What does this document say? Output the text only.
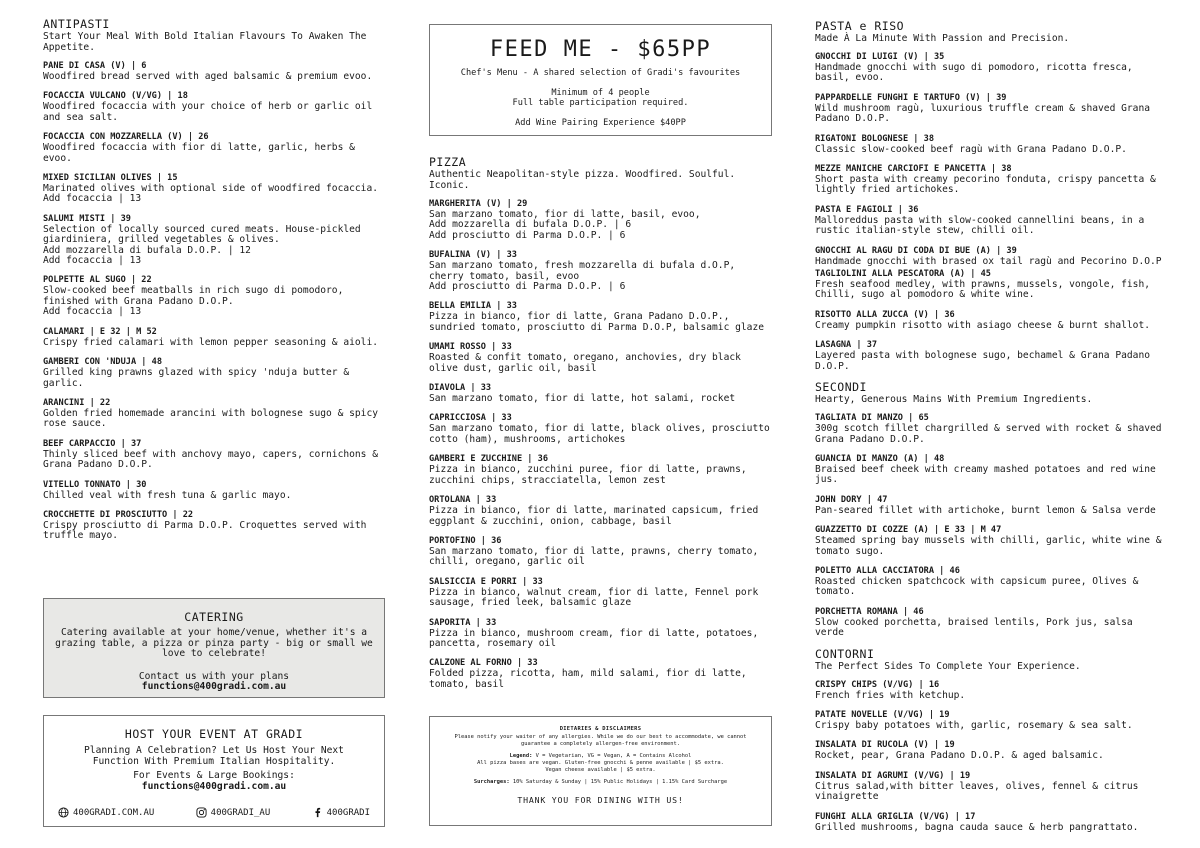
ANTIPASTI
Start Your Meal With Bold Italian Flavours To Awaken The Appetite.
PANE DI CASA (V) | 6
Woodfired bread served with aged balsamic & premium evoo.
FOCACCIA VULCANO (V/VG) | 18
Woodfired focaccia with your choice of herb or garlic oil and sea salt.
FOCACCIA CON MOZZARELLA (V) | 26
Woodfired focaccia with fior di latte, garlic, herbs & evoo.
MIXED SICILIAN OLIVES | 15
Marinated olives with optional side of woodfired focaccia.
Add focaccia | 13
SALUMI MISTI | 39
Selection of locally sourced cured meats. House-pickled giardiniera, grilled vegetables & olives.
Add mozzarella di bufala D.O.P. | 12
Add focaccia | 13
POLPETTE AL SUGO | 22
Slow-cooked beef meatballs in rich sugo di pomodoro, finished with Grana Padano D.O.P.
Add focaccia | 13
CALAMARI | E 32 | M 52
Crispy fried calamari with lemon pepper seasoning & aioli.
GAMBERI CON 'NDUJA | 48
Grilled king prawns glazed with spicy 'nduja butter & garlic.
ARANCINI | 22
Golden fried homemade arancini with bolognese sugo & spicy rose sauce.
BEEF CARPACCIO | 37
Thinly sliced beef with anchovy mayo, capers, cornichons & Grana Padano D.O.P.
VITELLO TONNATO | 30
Chilled veal with fresh tuna & garlic mayo.
CROCCHETTE DI PROSCIUTTO | 22
Crispy prosciutto di Parma D.O.P. Croquettes served with truffle mayo.
CATERING
Catering available at your home/venue, whether it's a grazing table, a pizza or pinza party - big or small we love to celebrate!
Contact us with your plans
functions@400gradi.com.au
HOST YOUR EVENT AT GRADI
Planning A Celebration? Let Us Host Your Next Function With Premium Italian Hospitality.
For Events & Large Bookings:
functions@400gradi.com.au
400GRADI.COM.AU	400GRADI_AU	400GRADI
FEED ME - $65PP
Chef's Menu - A shared selection of Gradi's favourites
Minimum of 4 people
Full table participation required.
Add Wine Pairing Experience $40PP
PIZZA
Authentic Neapolitan-style pizza. Woodfired. Soulful. Iconic.
MARGHERITA (V) | 29
San marzano tomato, fior di latte, basil, evoo,
Add mozzarella di bufala D.O.P. | 6
Add prosciutto di Parma D.O.P. | 6
BUFALINA (V) | 33
San marzano tomato, fresh mozzarella di bufala d.O.P, cherry tomato, basil, evoo
Add prosciutto di Parma D.O.P. | 6
BELLA EMILIA | 33
Pizza in bianco, fior di latte, Grana Padano D.O.P., sundried tomato, prosciutto di Parma D.O.P, balsamic glaze
UMAMI ROSSO | 33
Roasted & confit tomato, oregano, anchovies, dry black olive dust, garlic oil, basil
DIAVOLA | 33
San marzano tomato, fior di latte, hot salami, rocket
CAPRICCIOSA | 33
San marzano tomato, fior di latte, black olives, prosciutto cotto (ham), mushrooms, artichokes
GAMBERI E ZUCCHINE | 36
Pizza in bianco, zucchini puree, fior di latte, prawns, zucchini chips, stracciatella, lemon zest
ORTOLANA | 33
Pizza in bianco, fior di latte, marinated capsicum, fried eggplant & zucchini, onion, cabbage, basil
PORTOFINO | 36
San marzano tomato, fior di latte, prawns, cherry tomato, chilli, oregano, garlic oil
SALSICCIA E PORRI | 33
Pizza in bianco, walnut cream, fior di latte, Fennel pork sausage, fried leek, balsamic glaze
SAPORITA | 33
Pizza in bianco, mushroom cream, fior di latte, potatoes, pancetta, rosemary oil
CALZONE AL FORNO | 33
Folded pizza, ricotta, ham, mild salami, fior di latte, tomato, basil
DIETARIES & DISCLAIMERS
Please notify your waiter of any allergies. While we do our best to accommodate, we cannot guarantee a completely allergen-free environment.
Legend: V = Vegetarian, VG = Vegan, A = Contains Alcohol
All pizza bases are vegan. Gluten-free gnocchi & penne available | $5 extra.
Vegan cheese available | $5 extra.
Surcharges: 10% Saturday & Sunday | 15% Public Holidays | 1.15% Card Surcharge
THANK YOU FOR DINING WITH US!
PASTA e RISO
Made À La Minute With Passion and Precision.
GNOCCHI DI LUIGI (V) | 35
Handmade gnocchi with sugo di pomodoro, ricotta fresca, basil, evoo.
PAPPARDELLE FUNGHI E TARTUFO (V) | 39
Wild mushroom ragù, luxurious truffle cream & shaved Grana Padano D.O.P.
RIGATONI BOLOGNESE | 38
Classic slow-cooked beef ragù with Grana Padano D.O.P.
MEZZE MANICHE CARCIOFI E PANCETTA | 38
Short pasta with creamy pecorino fonduta, crispy pancetta & lightly fried artichokes.
PASTA E FAGIOLI | 36
Malloreddus pasta with slow-cooked cannellini beans, in a rustic italian-style stew, chilli oil.
GNOCCHI AL RAGU DI CODA DI BUE (A) | 39
Handmade gnocchi with brased ox tail ragù and Pecorino D.O.P
TAGLIOLINI ALLA PESCATORA (A) | 45
Fresh seafood medley, with prawns, mussels, vongole, fish, Chilli, sugo al pomodoro & white wine.
RISOTTO ALLA ZUCCA (V) | 36
Creamy pumpkin risotto with asiago cheese & burnt shallot.
LASAGNA | 37
Layered pasta with bolognese sugo, bechamel & Grana Padano D.O.P.
SECONDI
Hearty, Generous Mains With Premium Ingredients.
TAGLIATA DI MANZO | 65
300g scotch fillet chargrilled & served with rocket & shaved Grana Padano D.O.P.
GUANCIA DI MANZO (A) | 48
Braised beef cheek with creamy mashed potatoes and red wine jus.
JOHN DORY | 47
Pan-seared fillet with artichoke, burnt lemon & Salsa verde
GUAZZETTO DI COZZE (A) | E 33 | M 47
Steamed spring bay mussels with chilli, garlic, white wine & tomato sugo.
POLETTO ALLA CACCIATORA | 46
Roasted chicken spatchcock with capsicum puree, Olives & tomato.
PORCHETTA ROMANA | 46
Slow cooked porchetta, braised lentils, Pork jus, salsa verde
CONTORNI
The Perfect Sides To Complete Your Experience.
CRISPY CHIPS (V/VG) | 16
French fries with ketchup.
PATATE NOVELLE (V/VG) | 19
Crispy baby potatoes with, garlic, rosemary & sea salt.
INSALATA DI RUCOLA (V) | 19
Rocket, pear, Grana Padano D.O.P. & aged balsamic.
INSALATA DI AGRUMI (V/VG) | 19
Citrus salad,with bitter leaves, olives, fennel & citrus vinaigrette
FUNGHI ALLA GRIGLIA (V/VG) | 17
Grilled mushrooms, bagna cauda sauce & herb pangrattato.
